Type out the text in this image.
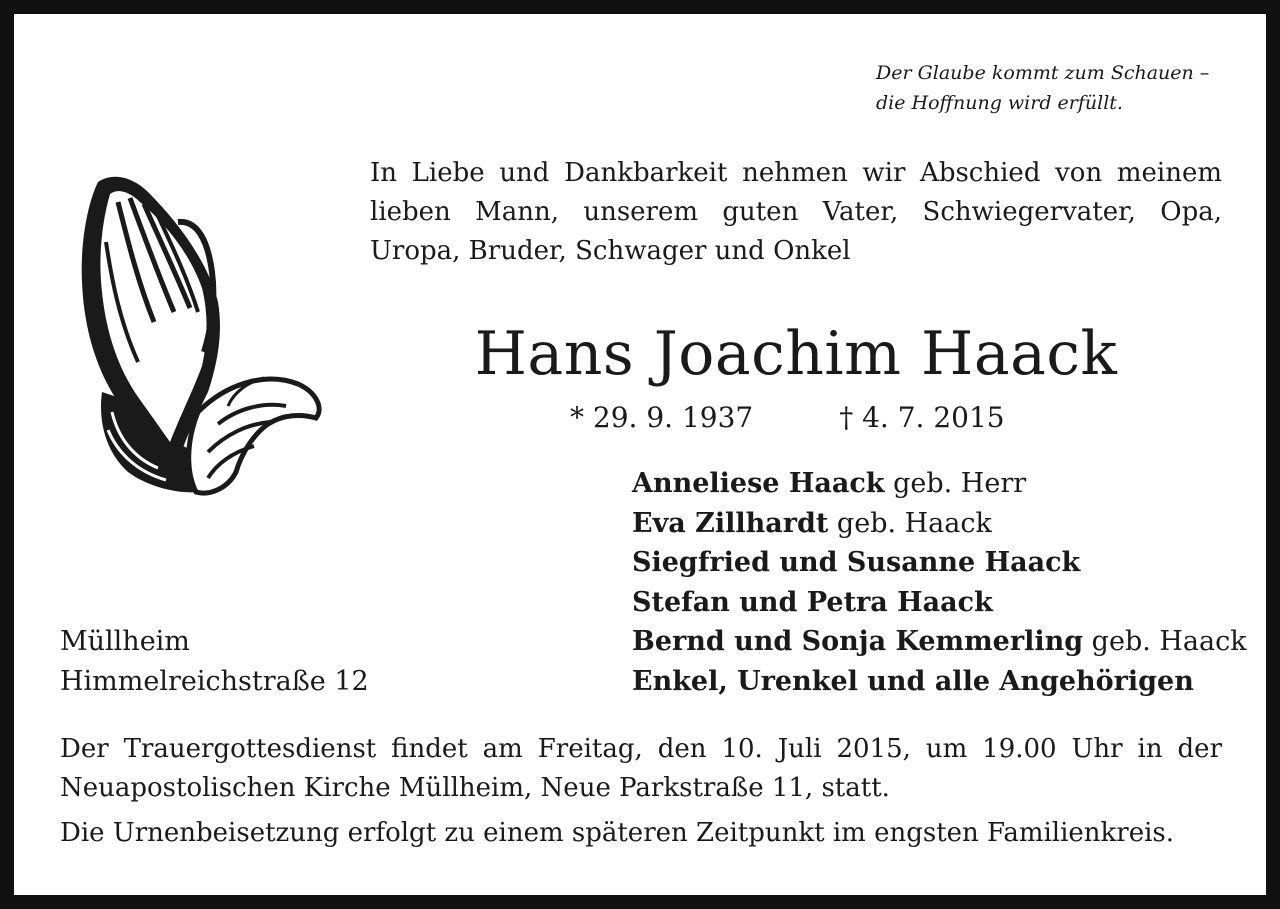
Der Glaube kommt zum Schauen –
die Hoffnung wird erfüllt.
In Liebe und Dankbarkeit nehmen wir Abschied von meinem lieben Mann, unserem guten Vater, Schwiegervater, Opa, Uropa, Bruder, Schwager und Onkel
Hans Joachim Haack
* 29. 9. 1937	† 4. 7. 2015
Anneliese Haack geb. Herr
Eva Zillhardt geb. Haack
Siegfried und Susanne Haack
Stefan und Petra Haack
Bernd und Sonja Kemmerling geb. Haack
Enkel, Urenkel und alle Angehörigen
Müllheim
Himmelreichstraße 12

Der Trauergottesdienst findet am Freitag, den 10. Juli 2015, um 19.00 Uhr in der Neuapostolischen Kirche Müllheim, Neue Parkstraße 11, statt.

Die Urnenbeisetzung erfolgt zu einem späteren Zeitpunkt im engsten Familienkreis.
